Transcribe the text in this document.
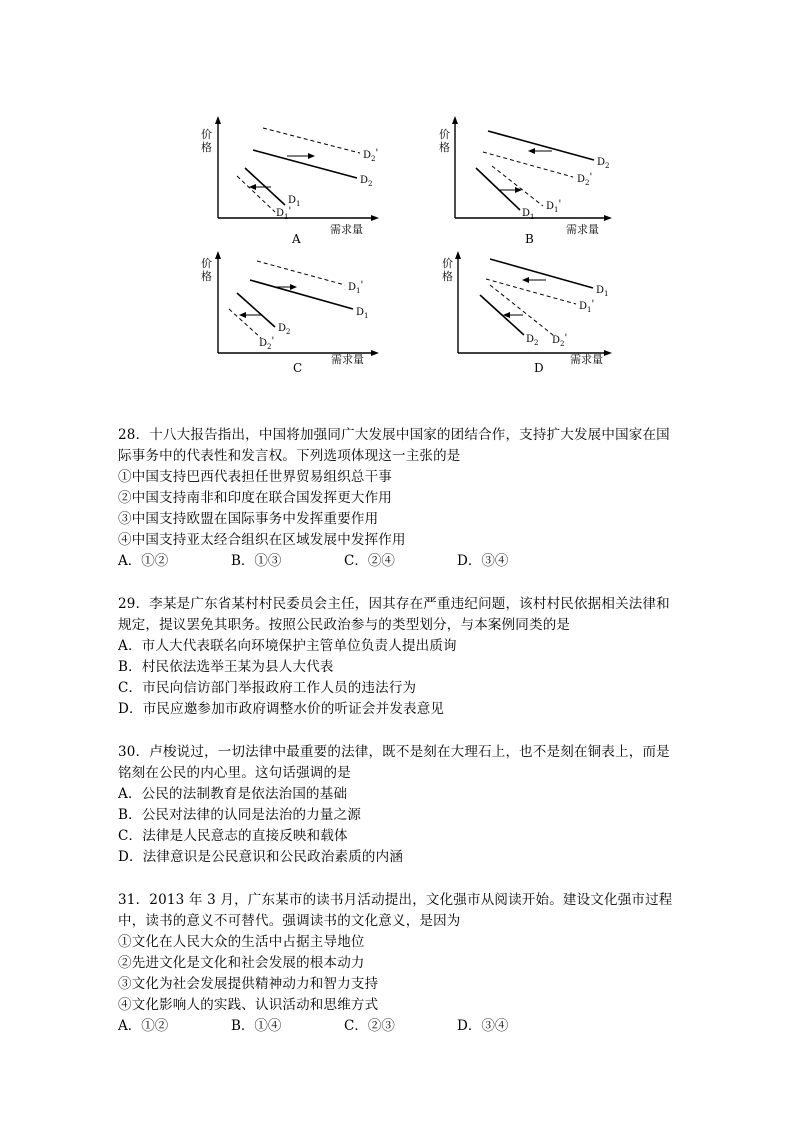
价
格
需求量
$D_2'$
$D_2$
$D_1$
$D_1'$
A
价
格
需求量
$D_2$
$D_2'$
$D_1'$
$D_1$
B
价
格
需求量
$D_1'$
$D_1$
$D_2$
$D_2'$
C
价
格
需求量
$D_1$
$D_1'$
$D_2$ $D_2'$
D
28．十八大报告指出，中国将加强同广大发展中国家的团结合作，支持扩大发展中国家在国
际事务中的代表性和发言权。下列选项体现这一主张的是
①中国支持巴西代表担任世界贸易组织总干事
②中国支持南非和印度在联合国发挥更大作用
③中国支持欧盟在国际事务中发挥重要作用
④中国支持亚太经合组织在区域发展中发挥作用
A．①②	B．①③	C．②④	D．③④
29．李某是广东省某村村民委员会主任，因其存在严重违纪问题，该村村民依据相关法律和
规定，提议罢免其职务。按照公民政治参与的类型划分，与本案例同类的是
A．市人大代表联名向环境保护主管单位负责人提出质询
B．村民依法选举王某为县人大代表
C．市民向信访部门举报政府工作人员的违法行为
D．市民应邀参加市政府调整水价的听证会并发表意见
30．卢梭说过，一切法律中最重要的法律，既不是刻在大理石上，也不是刻在铜表上，而是
铭刻在公民的内心里。这句话强调的是
A．公民的法制教育是依法治国的基础
B．公民对法律的认同是法治的力量之源
C．法律是人民意志的直接反映和载体
D．法律意识是公民意识和公民政治素质的内涵
31．2013 年 3 月，广东某市的读书月活动提出，文化强市从阅读开始。建设文化强市过程
中，读书的意义不可替代。强调读书的文化意义，是因为
①文化在人民大众的生活中占据主导地位
②先进文化是文化和社会发展的根本动力
③文化为社会发展提供精神动力和智力支持
④文化影响人的实践、认识活动和思维方式
A．①②	B．①④	C．②③	D．③④
